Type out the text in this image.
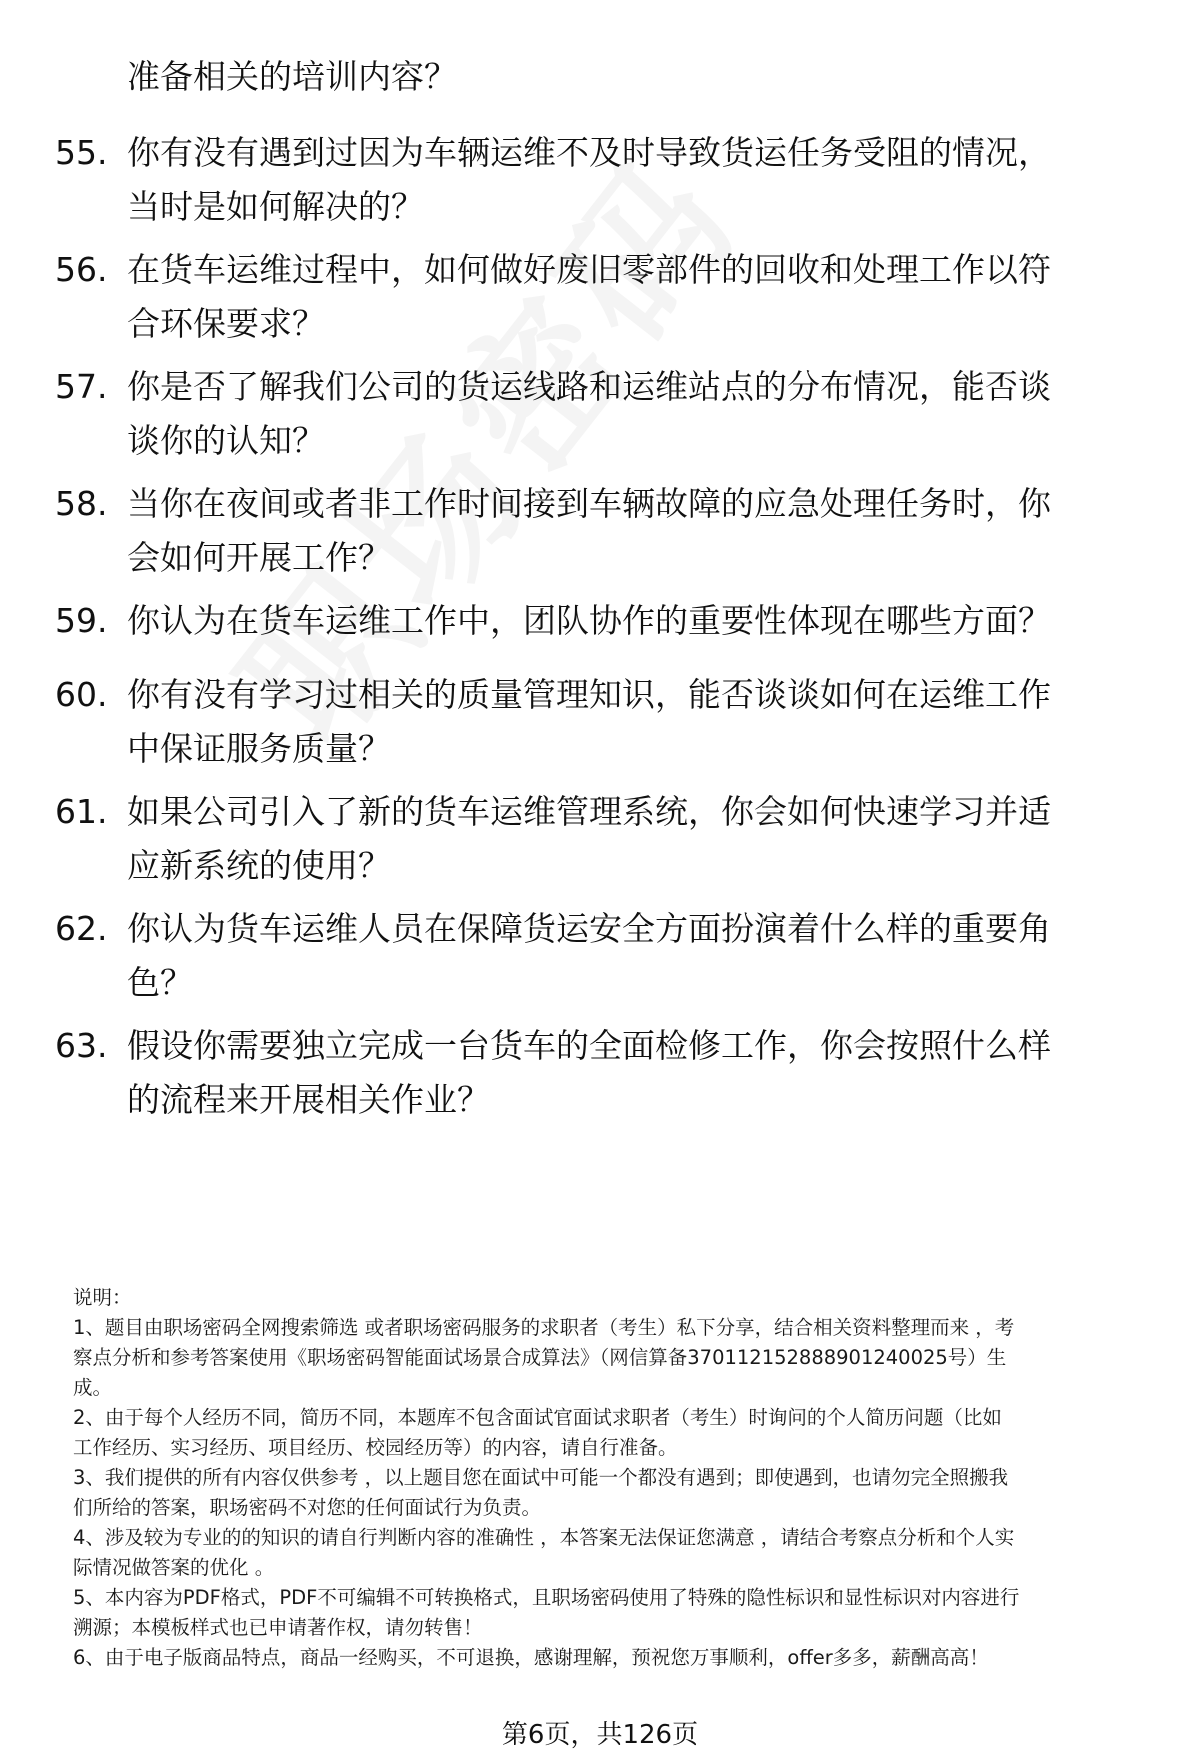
准备相关的培训内容？
55. 你有没有遇到过因为车辆运维不及时导致货运任务受阻的情况，
当时是如何解决的？
56. 在货车运维过程中，如何做好废旧零部件的回收和处理工作以符
合环保要求？
57. 你是否了解我们公司的货运线路和运维站点的分布情况，能否谈
谈你的认知？
58. 当你在夜间或者非工作时间接到车辆故障的应急处理任务时，你
会如何开展工作？
59. 你认为在货车运维工作中，团队协作的重要性体现在哪些方面？
60. 你有没有学习过相关的质量管理知识，能否谈谈如何在运维工作
中保证服务质量？
61. 如果公司引入了新的货车运维管理系统，你会如何快速学习并适
应新系统的使用？
62. 你认为货车运维人员在保障货运安全方面扮演着什么样的重要角
色？
63. 假设你需要独立完成一台货车的全面检修工作，你会按照什么样
的流程来开展相关作业？
说明：
1、题目由职场密码全网搜索筛选 或者职场密码服务的求职者（考生）私下分享，结合相关资料整理而来 ，考
察点分析和参考答案使用《职场密码智能面试场景合成算法》（网信算备370112152888901240025号）生
成。
2、由于每个人经历不同，简历不同，本题库不包含面试官面试求职者（考生）时询问的个人简历问题（比如
工作经历、实习经历、项目经历、校园经历等）的内容，请自行准备。
3、我们提供的所有内容仅供参考 ，以上题目您在面试中可能一个都没有遇到；即使遇到，也请勿完全照搬我
们所给的答案，职场密码不对您的任何面试行为负责。
4、涉及较为专业的的知识的请自行判断内容的准确性 ，本答案无法保证您满意 ，请结合考察点分析和个人实
际情况做答案的优化 。
5、本内容为PDF格式，PDF不可编辑不可转换格式，且职场密码使用了特殊的隐性标识和显性标识对内容进行
溯源；本模板样式也已申请著作权，请勿转售！
6、由于电子版商品特点，商品一经购买，不可退换，感谢理解，预祝您万事顺利，offer多多，薪酬高高！
第6页，共126页
